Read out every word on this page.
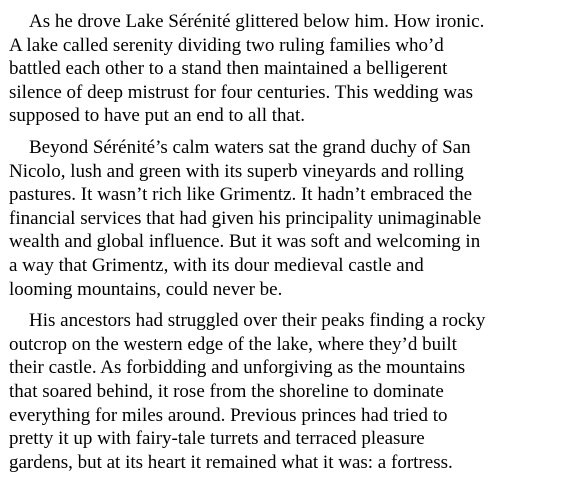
As he drove Lake Sérénité glittered below him. How ironic.
A lake called serenity dividing two ruling families who’d
battled each other to a stand then maintained a belligerent
silence of deep mistrust for four centuries. This wedding was
supposed to have put an end to all that.
Beyond Sérénité’s calm waters sat the grand duchy of San
Nicolo, lush and green with its superb vineyards and rolling
pastures. It wasn’t rich like Grimentz. It hadn’t embraced the
financial services that had given his principality unimaginable
wealth and global influence. But it was soft and welcoming in
a way that Grimentz, with its dour medieval castle and
looming mountains, could never be.
His ancestors had struggled over their peaks finding a rocky
outcrop on the western edge of the lake, where they’d built
their castle. As forbidding and unforgiving as the mountains
that soared behind, it rose from the shoreline to dominate
everything for miles around. Previous princes had tried to
pretty it up with fairy-tale turrets and terraced pleasure
gardens, but at its heart it remained what it was: a fortress.
